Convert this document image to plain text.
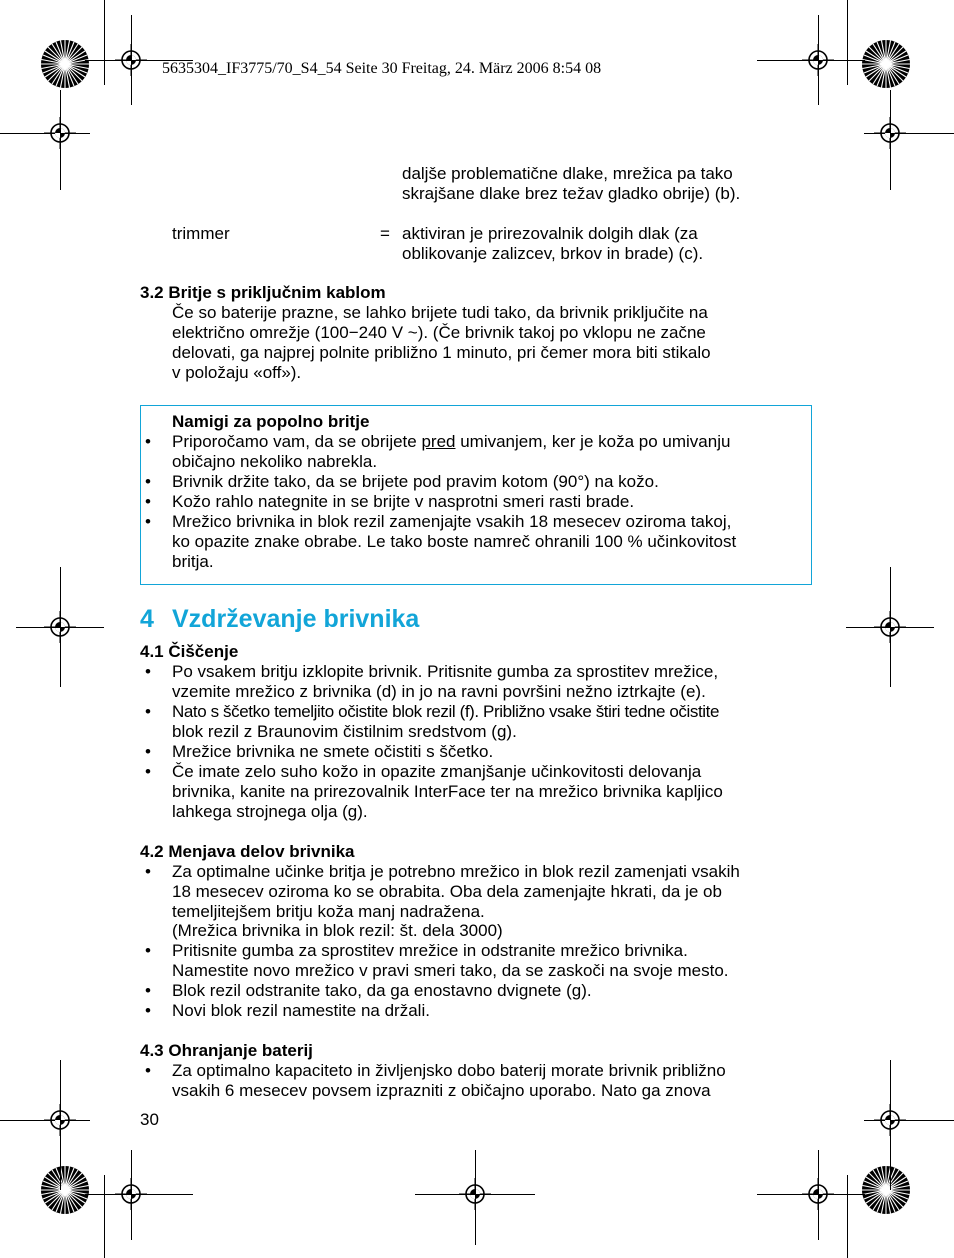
5635304_IF3775/70_S4_54 Seite 30 Freitag, 24. März 2006 8:54 08
daljše problematične dlake, mrežica pa tako
skrajšane dlake brez težav gladko obrije) (b).
trimmer	= aktiviran je prirezovalnik dolgih dlak (za
oblikovanje zalizcev, brkov in brade) (c).
3.2 Britje s priključnim kablom
Če so baterije prazne, se lahko brijete tudi tako, da brivnik priključite na
električno omrežje (100−240 V ~). (Če brivnik takoj po vklopu ne začne
delovati, ga najprej polnite približno 1 minuto, pri čemer mora biti stikalo
v položaju «off»).
Namigi za popolno britje
• Priporočamo vam, da se obrijete pred umivanjem, ker je koža po umivanju
običajno nekoliko nabrekla.
• Brivnik držite tako, da se brijete pod pravim kotom (90°) na kožo.
• Kožo rahlo nategnite in se brijte v nasprotni smeri rasti brade.
• Mrežico brivnika in blok rezil zamenjajte vsakih 18 mesecev oziroma takoj,
ko opazite znake obrabe. Le tako boste namreč ohranili 100 % učinkovitost
britja.
4 Vzdrževanje brivnika
4.1 Čiščenje
• Po vsakem britju izklopite brivnik. Pritisnite gumba za sprostitev mrežice,
vzemite mrežico z brivnika (d) in jo na ravni površini nežno iztrkajte (e).
• Nato s ščetko temeljito očistite blok rezil (f). Približno vsake štiri tedne očistite
blok rezil z Braunovim čistilnim sredstvom (g).
• Mrežice brivnika ne smete očistiti s ščetko.
• Če imate zelo suho kožo in opazite zmanjšanje učinkovitosti delovanja
brivnika, kanite na prirezovalnik InterFace ter na mrežico brivnika kapljico
lahkega strojnega olja (g).
4.2 Menjava delov brivnika
• Za optimalne učinke britja je potrebno mrežico in blok rezil zamenjati vsakih
18 mesecev oziroma ko se obrabita. Oba dela zamenjajte hkrati, da je ob
temeljitejšem britju koža manj nadražena.
(Mrežica brivnika in blok rezil: št. dela 3000)
• Pritisnite gumba za sprostitev mrežice in odstranite mrežico brivnika.
Namestite novo mrežico v pravi smeri tako, da se zaskoči na svoje mesto.
• Blok rezil odstranite tako, da ga enostavno dvignete (g).
• Novi blok rezil namestite na držali.
4.3 Ohranjanje baterij
• Za optimalno kapaciteto in življenjsko dobo baterij morate brivnik približno
vsakih 6 mesecev povsem izprazniti z običajno uporabo. Nato ga znova
30
